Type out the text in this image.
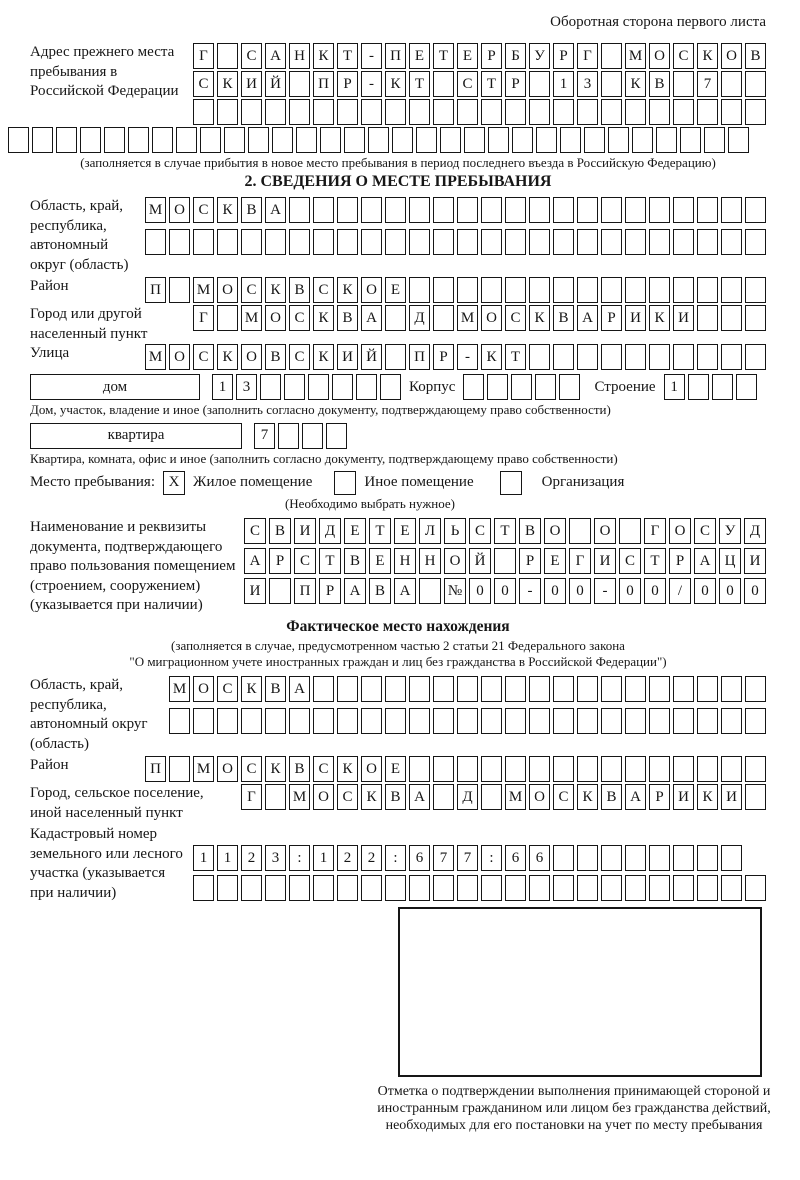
Оборотная сторона первого листа
Адрес прежнего места пребывания в Российской Федерации
Г	С А Н К Т	-	П Е Т Е	Р	Б У Р	Г	М О С К О В
С К И Й	П Р	-	К Т	С Т	Р	1	3	К В	7
(заполняется в случае прибытия в новое место пребывания в период последнего въезда в Российскую Федерацию)
2. СВЕДЕНИЯ О МЕСТЕ ПРЕБЫВАНИЯ
Область, край, республика, автономный округ (область)
М О С К В А
Район	П	М О С К В С К О Е
Город или другой населенный пункт
Г	М О С К В А	Д	М О С К В А Р И К И
Улица	М О С К О В С К И Й	П Р	-	К Т
дом	1	3	Корпус	Строение 1
Дом, участок, владение и иное (заполнить согласно документу, подтверждающему право собственности)
квартира	7
Квартира, комната, офис и иное (заполнить согласно документу, подтверждающему право собственности)
Место пребывания: X Жилое помещение	Иное помещение	Организация
(Необходимо выбрать нужное)
Наименование и реквизиты документа, подтверждающего право пользования помещением (строением, сооружением) (указывается при наличии)
С В И Д	Е	Т	Е	Л	Ь	С	Т	В О	О	Г	О С У Д
А	Р	С	Т	В	Е	Н Н О Й	Р	Е	Г	И С	Т	Р	А Ц И
И	П	Р	А В А	№ 0	0	-	0	0	-	0	0	/	0	0	0
Фактическое место нахождения
(заполняется в случае, предусмотренном частью 2 статьи 21 Федерального закона
"О миграционном учете иностранных граждан и лиц без гражданства в Российской Федерации")
Область, край, республика, автономный округ (область)
М О С К В А
Район	П	М О С К В С К О Е
Город, сельское поселение, иной населенный пункт
Г	М О С К В А	Д	М О С К В А Р И К И
Кадастровый номер земельного или лесного участка (указывается при наличии)
1	1	2	3	:	1	2	2	:	6	7	7	:	6	6
Отметка о подтверждении выполнения принимающей стороной и иностранным гражданином или лицом без гражданства действий, необходимых для его постановки на учет по месту пребывания
